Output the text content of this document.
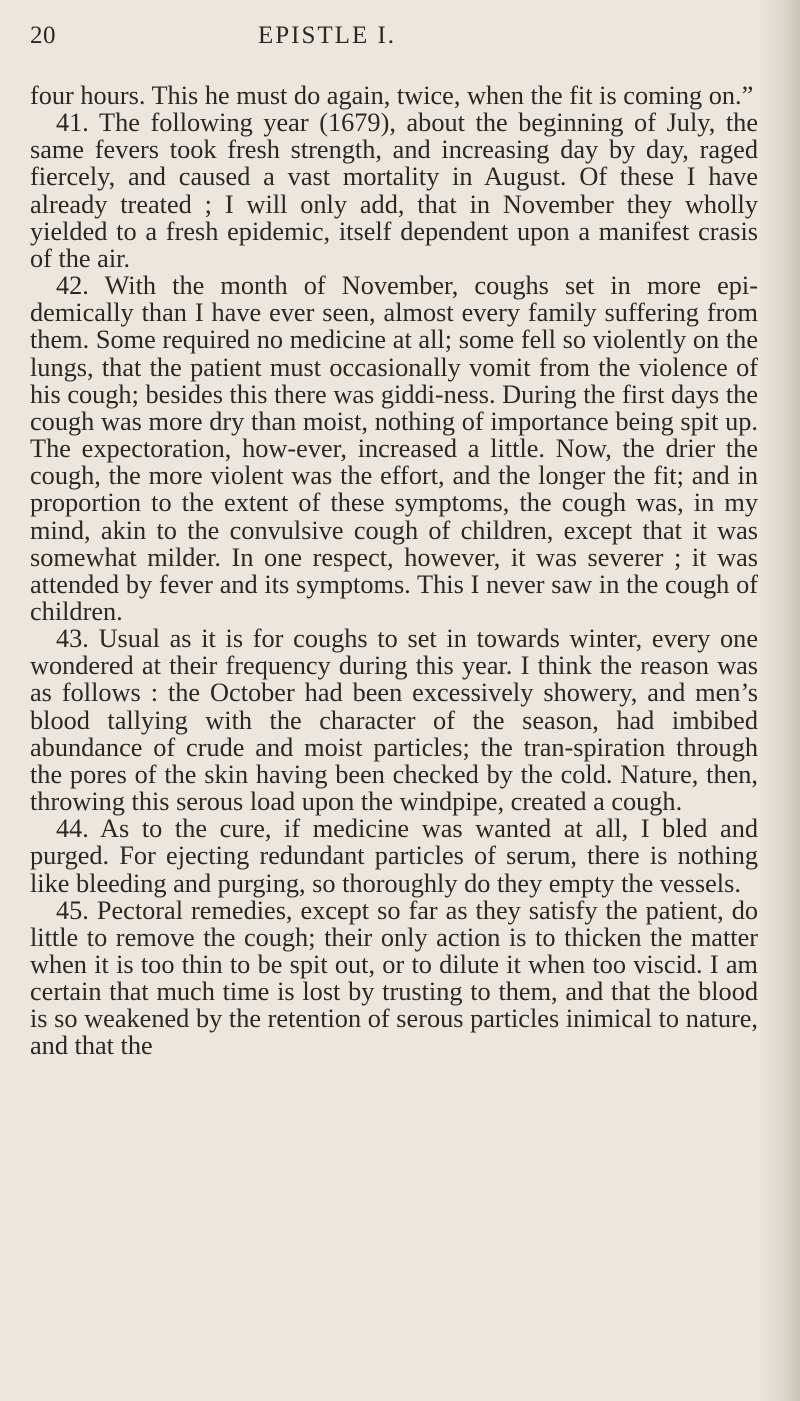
20	EPISTLE I.

four hours. This he must do again, twice, when the fit is coming on.”

41. The following year (1679), about the beginning of July, the same fevers took fresh strength, and increasing day by day, raged fiercely, and caused a vast mortality in August. Of these I have already treated ; I will only add, that in November they wholly yielded to a fresh epidemic, itself dependent upon a manifest crasis of the air.

42. With the month of November, coughs set in more epi-demically than I have ever seen, almost every family suffering from them. Some required no medicine at all; some fell so violently on the lungs, that the patient must occasionally vomit from the violence of his cough; besides this there was giddi-ness. During the first days the cough was more dry than moist, nothing of importance being spit up. The expectoration, how-ever, increased a little. Now, the drier the cough, the more violent was the effort, and the longer the fit; and in proportion to the extent of these symptoms, the cough was, in my mind, akin to the convulsive cough of children, except that it was somewhat milder. In one respect, however, it was severer ; it was attended by fever and its symptoms. This I never saw in the cough of children.

43. Usual as it is for coughs to set in towards winter, every one wondered at their frequency during this year. I think the reason was as follows : the October had been excessively showery, and men’s blood tallying with the character of the season, had imbibed abundance of crude and moist particles; the tran-spiration through the pores of the skin having been checked by the cold. Nature, then, throwing this serous load upon the windpipe, created a cough.

44. As to the cure, if medicine was wanted at all, I bled and purged. For ejecting redundant particles of serum, there is nothing like bleeding and purging, so thoroughly do they empty the vessels.

45. Pectoral remedies, except so far as they satisfy the patient, do little to remove the cough; their only action is to thicken the matter when it is too thin to be spit out, or to dilute it when too viscid. I am certain that much time is lost by trusting to them, and that the blood is so weakened by the retention of serous particles inimical to nature, and that the
